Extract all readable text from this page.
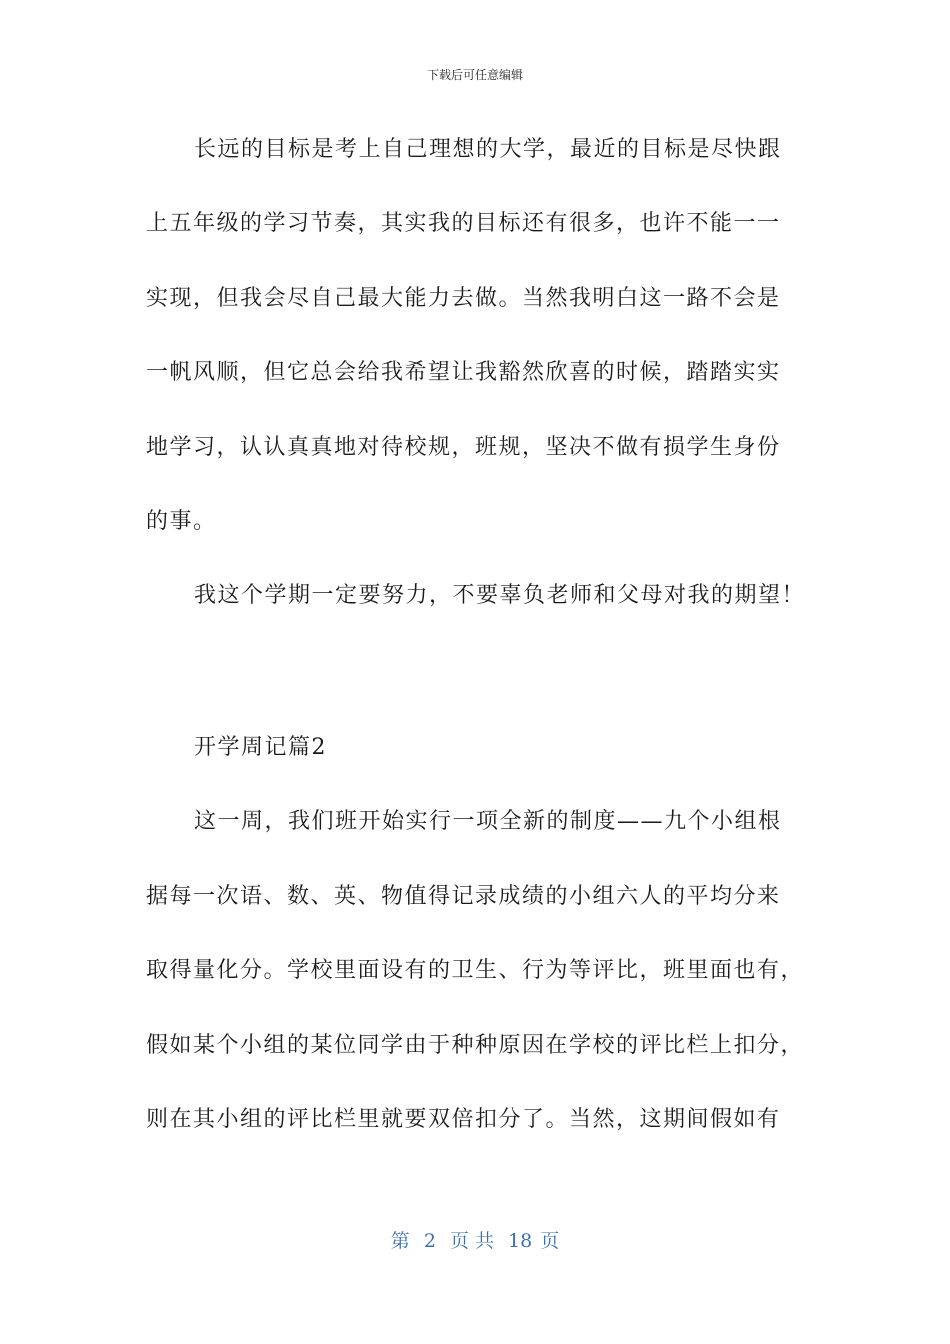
下载后可任意编辑
长远的目标是考上自己理想的大学，最近的目标是尽快跟
上五年级的学习节奏，其实我的目标还有很多，也许不能一一
实现，但我会尽自己最大能力去做。当然我明白这一路不会是
一帆风顺，但它总会给我希望让我豁然欣喜的时候，踏踏实实
地学习，认认真真地对待校规，班规，坚决不做有损学生身份
的事。
我这个学期一定要努力，不要辜负老师和父母对我的期望！
开学周记篇2
这一周，我们班开始实行一项全新的制度——九个小组根
据每一次语、数、英、物值得记录成绩的小组六人的平均分来
取得量化分。学校里面设有的卫生、行为等评比，班里面也有，
假如某个小组的某位同学由于种种原因在学校的评比栏上扣分，
则在其小组的评比栏里就要双倍扣分了。当然，这期间假如有
第 2 页 共 18 页
